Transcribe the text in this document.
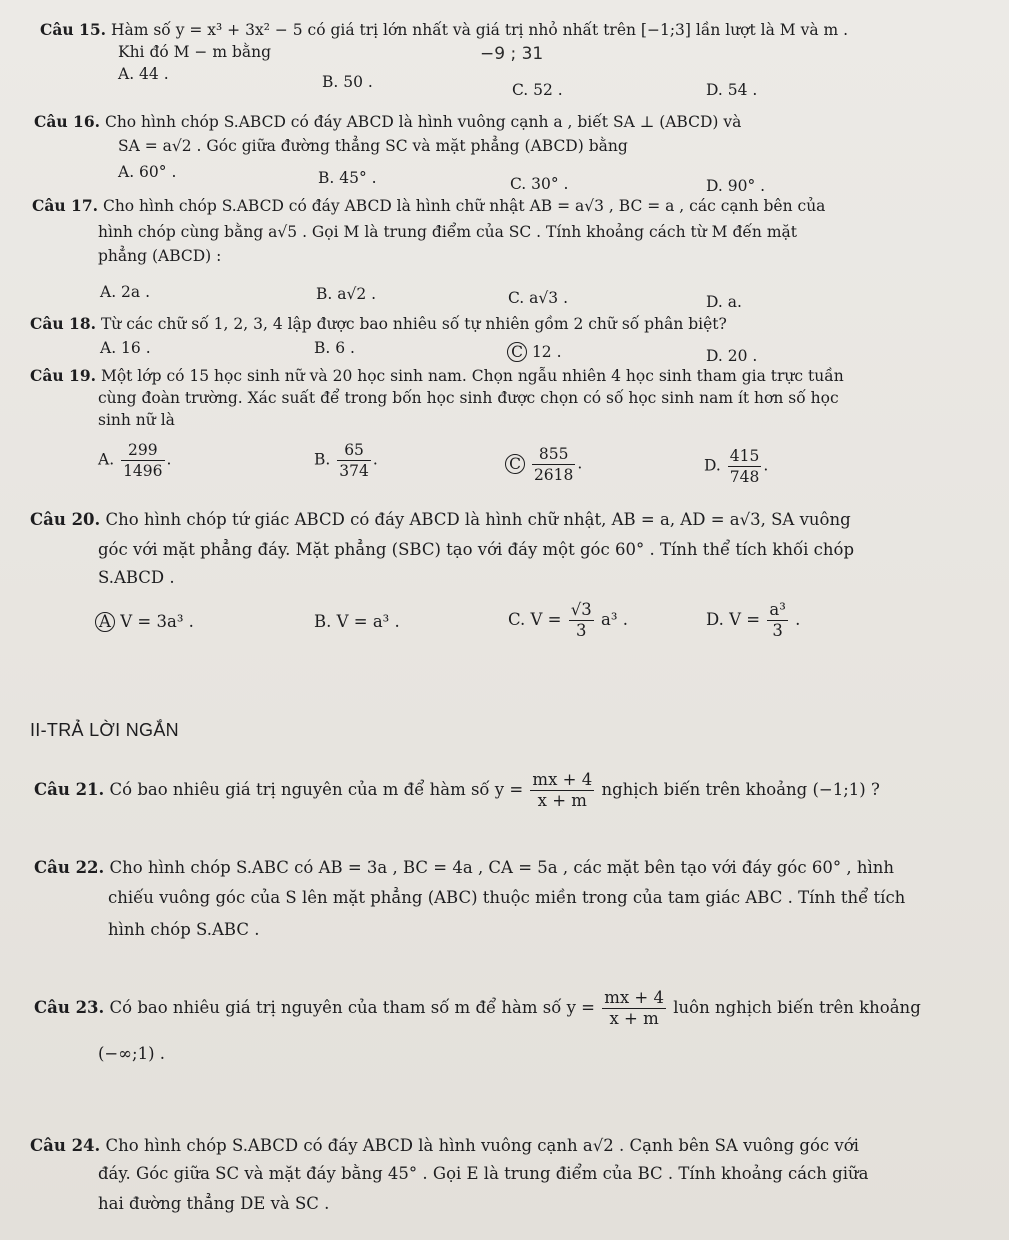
Câu 15. Hàm số y = x³ + 3x² − 5 có giá trị lớn nhất và giá trị nhỏ nhất trên [−1;3] lần lượt là M và m .
Khi đó M − m bằng	−9 ; 31
A. 44 .	B. 50 .	C. 52 .	D. 54 .
Câu 16. Cho hình chóp S.ABCD có đáy ABCD là hình vuông cạnh a , biết SA ⊥ (ABCD) và
SA = a√2 . Góc giữa đường thẳng SC và mặt phẳng (ABCD) bằng
A. 60° .	B. 45° .	C. 30° .	D. 90° .
Câu 17. Cho hình chóp S.ABCD có đáy ABCD là hình chữ nhật AB = a√3 , BC = a , các cạnh bên của
hình chóp cùng bằng a√5 . Gọi M là trung điểm của SC . Tính khoảng cách từ M đến mặt
phẳng (ABCD) :
A. 2a .	B. a√2 .	C. a√3 .	D. a.
Câu 18. Từ các chữ số 1, 2, 3, 4 lập được bao nhiêu số tự nhiên gồm 2 chữ số phân biệt?
A. 16 .	B. 6 .	C 12 .	D. 20 .
Câu 19. Một lớp có 15 học sinh nữ và 20 học sinh nam. Chọn ngẫu nhiên 4 học sinh tham gia trực tuần
cùng đoàn trường. Xác suất để trong bốn học sinh được chọn có số học sinh nam ít hơn số học
sinh nữ là
A. $\frac{299}{1496}$ .	B. $\frac{65}{374}$ .	C $\frac{855}{2618}$ .	D. $\frac{415}{748}$ .
Câu 20. Cho hình chóp tứ giác ABCD có đáy ABCD là hình chữ nhật, AB = a, AD = a√3, SA vuông
góc với mặt phẳng đáy. Mặt phẳng (SBC) tạo với đáy một góc 60° . Tính thể tích khối chóp
S.ABCD .
A V = 3a³ .	B. V = a³ .	C. $V = \frac{√3}{3} a^3$ .	D. $V = \frac{\text{a³}}{3}$ .
II-TRẢ LỜI NGẮN
Câu 21. Có bao nhiêu giá trị nguyên của m để hàm số $y = \frac{mx + 4}{x + m}$ nghịch biến trên khoảng (−1;1) ?
Câu 22. Cho hình chóp S.ABC có AB = 3a , BC = 4a , CA = 5a , các mặt bên tạo với đáy góc 60° , hình
chiếu vuông góc của S lên mặt phẳng (ABC) thuộc miền trong của tam giác ABC . Tính thể tích
hình chóp S.ABC .
Câu 23. Có bao nhiêu giá trị nguyên của tham số m để hàm số $y = \frac{mx + 4}{x + m}$ luôn nghịch biến trên khoảng
(−∞;1) .
Câu 24. Cho hình chóp S.ABCD có đáy ABCD là hình vuông cạnh a√2 . Cạnh bên SA vuông góc với
đáy. Góc giữa SC và mặt đáy bằng 45° . Gọi E là trung điểm của BC . Tính khoảng cách giữa
hai đường thẳng DE và SC .
